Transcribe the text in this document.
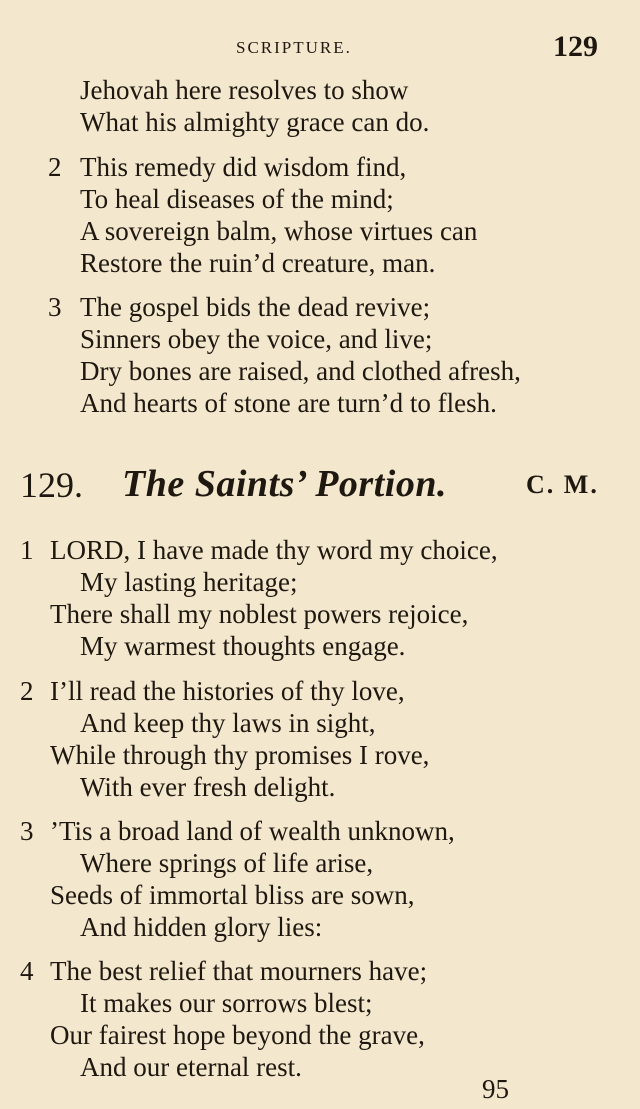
SCRIPTURE.	129
Jehovah here resolves to show
What his almighty grace can do.
2 This remedy did wisdom find,
To heal diseases of the mind;
A sovereign balm, whose virtues can
Restore the ruin’d creature, man.
3 The gospel bids the dead revive;
Sinners obey the voice, and live;
Dry bones are raised, and clothed afresh,
And hearts of stone are turn’d to flesh.
129. The Saints’ Portion.	C. M.
1 LORD, I have made thy word my choice,
My lasting heritage;
There shall my noblest powers rejoice,
My warmest thoughts engage.
2 I’ll read the histories of thy love,
And keep thy laws in sight,
While through thy promises I rove,
With ever fresh delight.
3 ’Tis a broad land of wealth unknown,
Where springs of life arise,
Seeds of immortal bliss are sown,
And hidden glory lies:
4 The best relief that mourners have;
It makes our sorrows blest;
Our fairest hope beyond the grave,
And our eternal rest.
95
